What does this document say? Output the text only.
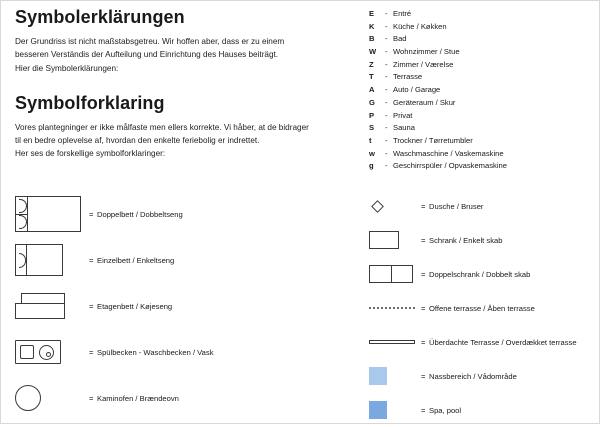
Symbolerklärungen

Der Grundriss ist nicht maßstabsgetreu. Wir hoffen aber, dass er zu einem
besseren Verständis der Aufteilung und Einrichtung des Hauses beiträgt.
Hier die Symbolerklärungen:

Symbolforklaring

Vores plantegninger er ikke målfaste men ellers korrekte. Vi håber, at de bidrager
til en bedre oplevelse af, hvordan den enkelte feriebolig er indrettet.
Her ses de forskellige symbolforklaringer:

= Doppelbett / Dobbeltseng
= Einzelbett / Enkeltseng
= Etagenbett / Køjeseng
= Spülbecken - Waschbecken / Vask
= Kaminofen / Brændeovn
E	- Entré
K	- Küche / Køkken
B	- Bad
W	- Wohnzimmer / Stue
Z	- Zimmer / Værelse
T	- Terrasse
A	- Auto / Garage
G	- Geräteraum / Skur
P	- Privat
S	- Sauna
t	- Trockner / Tørretumbler
w	- Waschmaschine / Vaskemaskine
g	- Geschirrspüler / Opvaskemaskine
= Dusche / Bruser
= Schrank / Enkelt skab
= Doppelschrank / Dobbelt skab
= Offene terrasse / Åben terrasse
= Überdachte Terrasse / Overdækket terrasse
= Nassbereich / Vådområde
= Spa, pool
